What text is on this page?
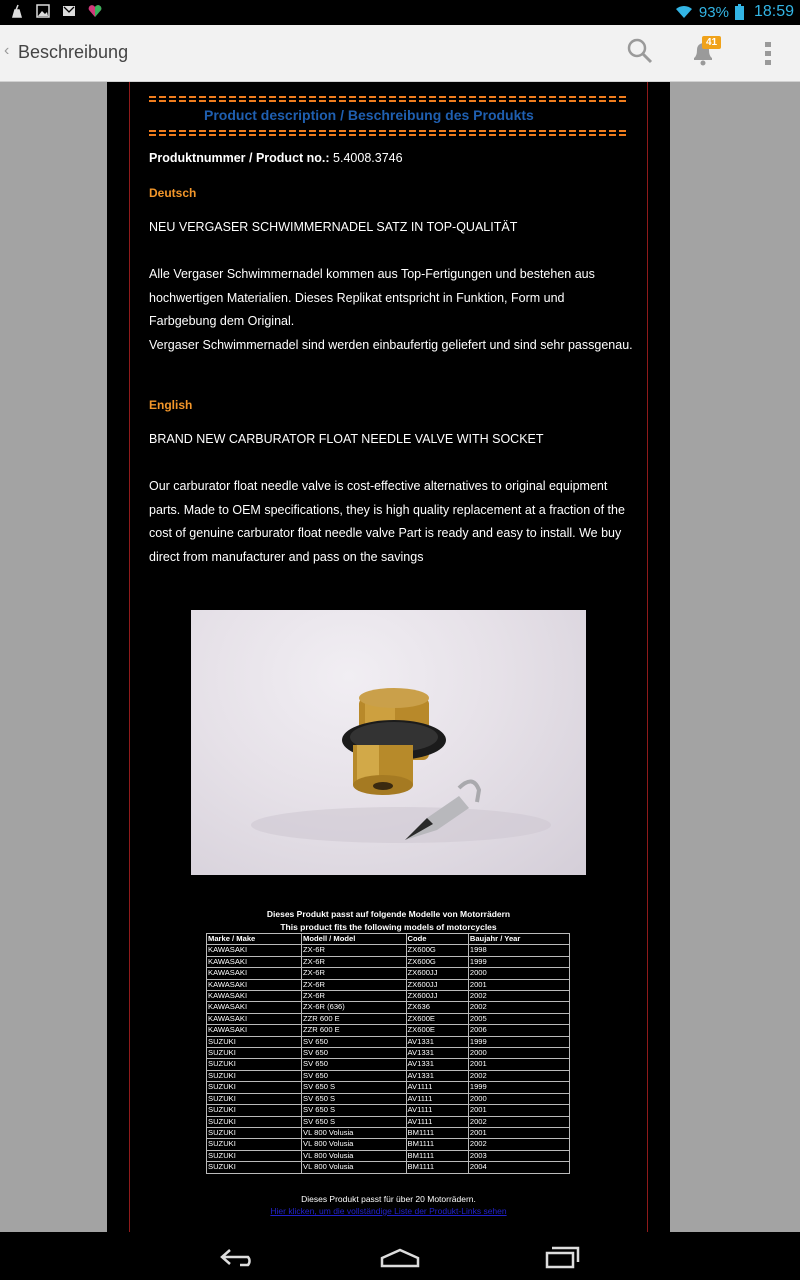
93% 18:59
‹ Beschreibung	41
Product description / Beschreibung des Produkts
Produktnummer / Product no.: 5.4008.3746
Deutsch
NEU VERGASER SCHWIMMERNADEL SATZ IN TOP-QUALITÄT
Alle Vergaser Schwimmernadel kommen aus Top-Fertigungen und bestehen aus hochwertigen Materialien. Dieses Replikat entspricht in Funktion, Form und Farbgebung dem Original.
Vergaser Schwimmernadel sind werden einbaufertig geliefert und sind sehr passgenau.
English
BRAND NEW CARBURATOR FLOAT NEEDLE VALVE WITH SOCKET
Our carburator float needle valve is cost-effective alternatives to original equipment parts. Made to OEM specifications, they is high quality replacement at a fraction of the cost of genuine carburator float needle valve Part is ready and easy to install. We buy direct from manufacturer and pass on the savings
Dieses Produkt passt auf folgende Modelle von Motorrädern
This product fits the following models of motorcycles
Marke / Make	Modell / Model	Code	Baujahr / Year
KAWASAKI	ZX-6R	ZX600G	1998
KAWASAKI	ZX-6R	ZX600G	1999
KAWASAKI	ZX-6R	ZX600JJ	2000
KAWASAKI	ZX-6R	ZX600JJ	2001
KAWASAKI	ZX-6R	ZX600JJ	2002
KAWASAKI	ZX-6R (636)	ZX636	2002
KAWASAKI	ZZR 600 E	ZX600E	2005
KAWASAKI	ZZR 600 E	ZX600E	2006
SUZUKI	SV 650	AV1331	1999
SUZUKI	SV 650	AV1331	2000
SUZUKI	SV 650	AV1331	2001
SUZUKI	SV 650	AV1331	2002
SUZUKI	SV 650 S	AV1111	1999
SUZUKI	SV 650 S	AV1111	2000
SUZUKI	SV 650 S	AV1111	2001
SUZUKI	SV 650 S	AV1111	2002
SUZUKI	VL 800 Volusia	BM1111	2001
SUZUKI	VL 800 Volusia	BM1111	2002
SUZUKI	VL 800 Volusia	BM1111	2003
SUZUKI	VL 800 Volusia	BM1111	2004
Dieses Produkt passt für über 20 Motorrädern.
Hier klicken, um die vollständige Liste der Produkt-Links sehen
